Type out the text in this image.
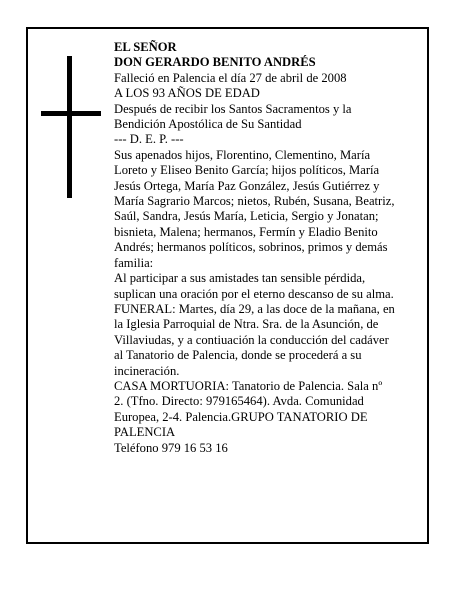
EL SEÑOR
DON GERARDO BENITO ANDRÉS
Falleció en Palencia el día 27 de abril de 2008
A LOS 93 AÑOS DE EDAD
Después de recibir los Santos Sacramentos y la
Bendición Apostólica de Su Santidad
--- D. E. P. ---
Sus apenados hijos, Florentino, Clementino, María
Loreto y Eliseo Benito García; hijos políticos, María
Jesús Ortega, María Paz González, Jesús Gutiérrez y
María Sagrario Marcos; nietos, Rubén, Susana, Beatriz,
Saúl, Sandra, Jesús María, Leticia, Sergio y Jonatan;
bisnieta, Malena; hermanos, Fermín y Eladio Benito
Andrés; hermanos políticos, sobrinos, primos y demás
familia:
Al participar a sus amistades tan sensible pérdida,
suplican una oración por el eterno descanso de su alma.
FUNERAL: Martes, día 29, a las doce de la mañana, en
la Iglesia Parroquial de Ntra. Sra. de la Asunción, de
Villaviudas, y a contiuación la conducción del cadáver
al Tanatorio de Palencia, donde se procederá a su
incineración.
CASA MORTUORIA: Tanatorio de Palencia. Sala nº
2. (Tfno. Directo: 979165464). Avda. Comunidad
Europea, 2-4. Palencia.GRUPO TANATORIO DE
PALENCIA
Teléfono 979 16 53 16
